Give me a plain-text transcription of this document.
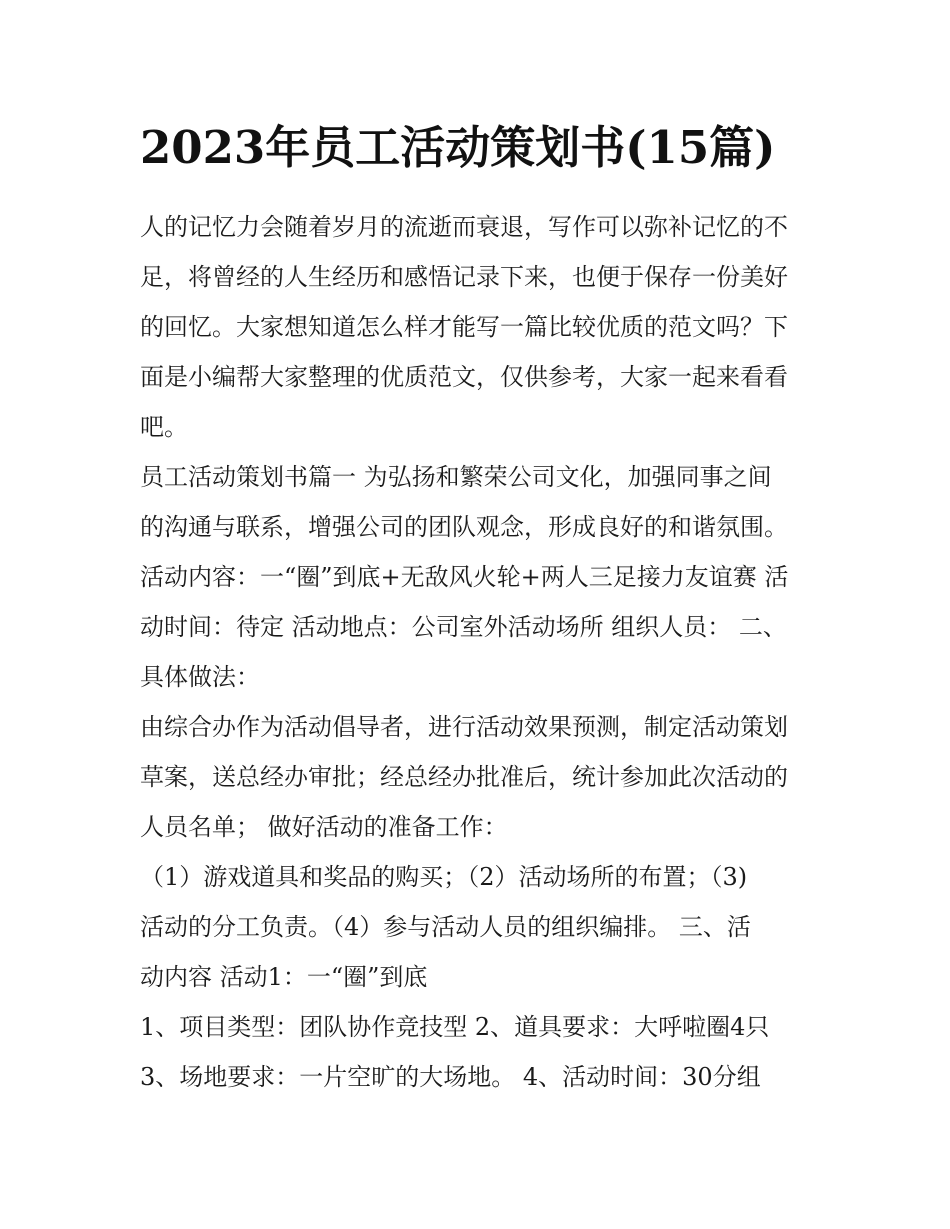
2023年员工活动策划书(15篇)
人的记忆力会随着岁月的流逝而衰退，写作可以弥补记忆的不
足，将曾经的人生经历和感悟记录下来，也便于保存一份美好
的回忆。大家想知道怎么样才能写一篇比较优质的范文吗？下
面是小编帮大家整理的优质范文，仅供参考，大家一起来看看
吧。
员工活动策划书篇一 为弘扬和繁荣公司文化，加强同事之间
的沟通与联系，增强公司的团队观念，形成良好的和谐氛围。
活动内容：一“圈”到底+无敌风火轮+两人三足接力友谊赛 活
动时间：待定 活动地点：公司室外活动场所 组织人员： 二、
具体做法：
由综合办作为活动倡导者，进行活动效果预测，制定活动策划
草案，送总经办审批；经总经办批准后，统计参加此次活动的
人员名单； 做好活动的准备工作：
（1）游戏道具和奖品的购买；（2）活动场所的布置；（3)
活动的分工负责。（4）参与活动人员的组织编排。 三、活
动内容 活动1：一“圈”到底
1、项目类型：团队协作竞技型 2、道具要求：大呼啦圈4只
3、场地要求：一片空旷的大场地。 4、活动时间：30分组
